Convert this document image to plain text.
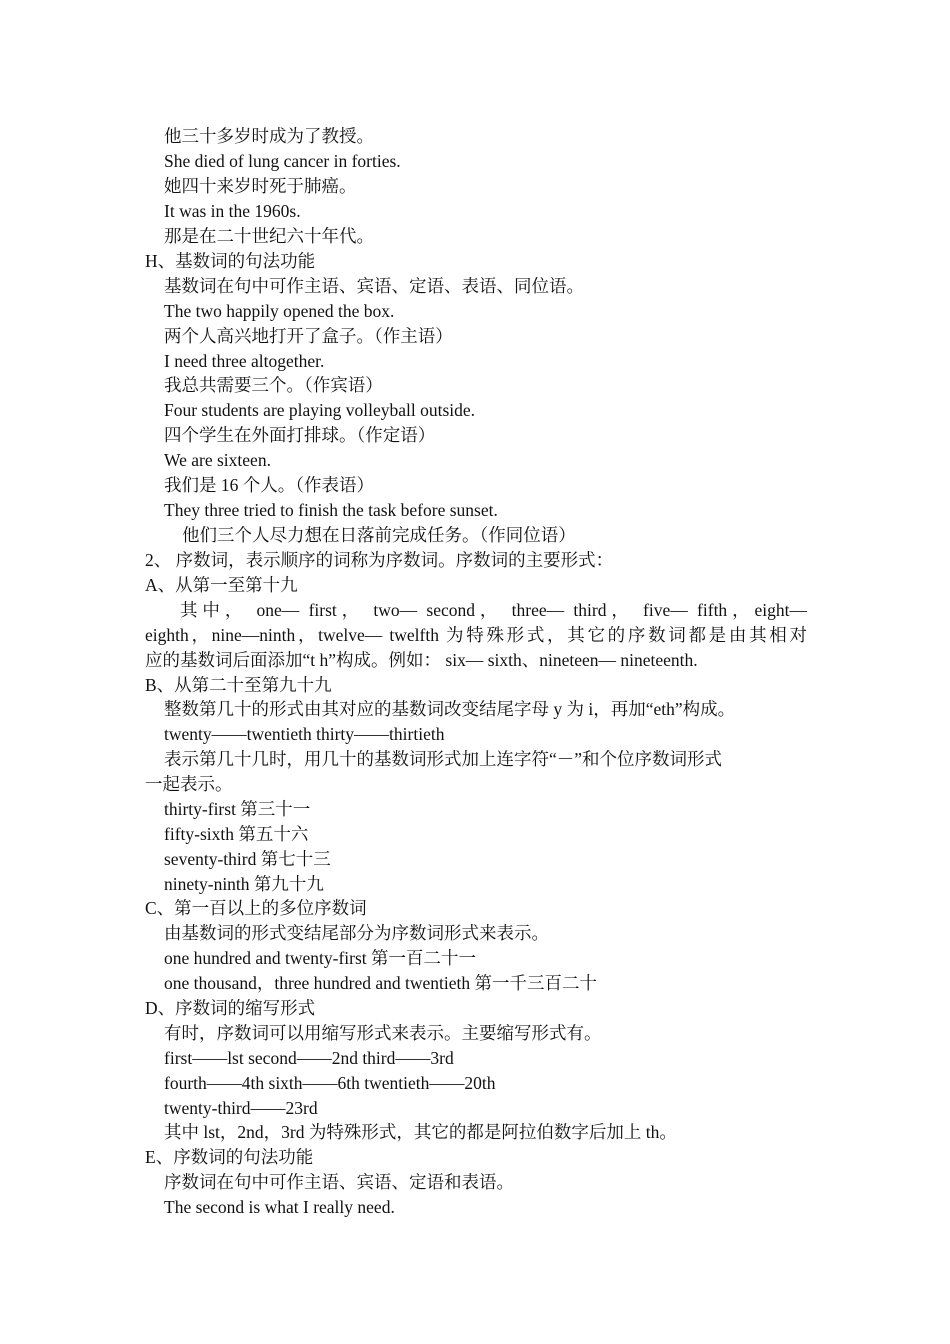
他三十多岁时成为了教授。
She died of lung cancer in forties.
她四十来岁时死于肺癌。
It was in the 1960s.
那是在二十世纪六十年代。
H、基数词的句法功能
基数词在句中可作主语、宾语、定语、表语、同位语。
The two happily opened the box.
两个人高兴地打开了盒子。（作主语）
I need three altogether.
我总共需要三个。（作宾语）
Four students are playing volleyball outside.
四个学生在外面打排球。（作定语）
We are sixteen.
我们是 16 个人。（作表语）
They three tried to finish the task before sunset.
他们三个人尽力想在日落前完成任务。（作同位语）
2、 序数词，表示顺序的词称为序数词。序数词的主要形式：
A、从第一至第十九
其中， one— first， two— second， three— third， five— fifth，eight—
eighth，nine—ninth，twelve— twelfth 为特殊形式，其它的序数词都是由其相对
应的基数词后面添加“t h”构成。例如： six— sixth、nineteen— nineteenth.
B、从第二十至第九十九
整数第几十的形式由其对应的基数词改变结尾字母 y 为 i，再加“eth”构成。
twenty——twentieth thirty——thirtieth
表示第几十几时，用几十的基数词形式加上连字符“－”和个位序数词形式
一起表示。
thirty-first 第三十一
fifty-sixth 第五十六
seventy-third 第七十三
ninety-ninth 第九十九
C、第一百以上的多位序数词
由基数词的形式变结尾部分为序数词形式来表示。
one hundred and twenty-first 第一百二十一
one thousand，three hundred and twentieth 第一千三百二十
D、序数词的缩写形式
有时，序数词可以用缩写形式来表示。主要缩写形式有。
first——lst second——2nd third——3rd
fourth——4th sixth——6th twentieth——20th
twenty-third——23rd
其中 lst，2nd，3rd 为特殊形式，其它的都是阿拉伯数字后加上 th。
E、序数词的句法功能
序数词在句中可作主语、宾语、定语和表语。
The second is what I really need.
